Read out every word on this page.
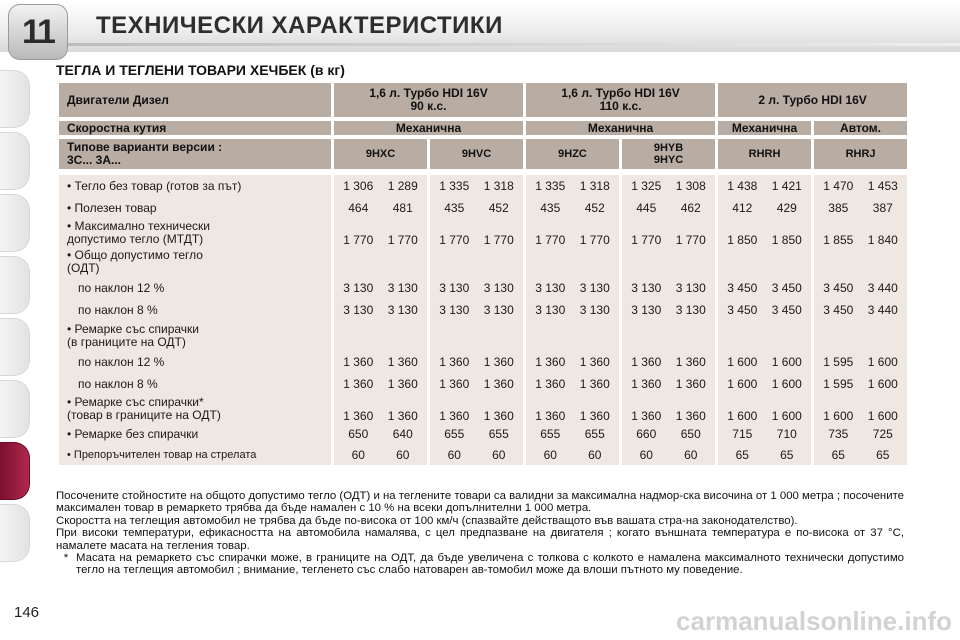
11	ТЕХНИЧЕСКИ ХАРАКТЕРИСТИКИ
ТЕГЛА И ТЕГЛЕНИ ТОВАРИ ХЕЧБЕК (в кг)
Двигатели Дизел	1,6 л. Турбо HDI 16V
90 к.с.		1,6 л. Турбо HDI 16V
110 к.с.		2 л. Турбо HDI 16V	
Скоростна кутия	Механична		Механична		Механична	Автом.
Типове варианти версии :
3C... 3A...	9HXC	9HVC	9HZC	9HYB
9HYC	RHRH	RHRJ

• Тегло без товар (готов за път)	1 306 1 289	1 335 1 318	1 335 1 318	1 325 1 308	1 438 1 421	1 470 1 453

• Полезен товар	464 481	435 452	435 452	445 462	412 429	385 387

• Максимално технически
допустимо тегло (МТДТ)	1 770 1 770	1 770 1 770	1 770 1 770	1 770 1 770	1 850 1 850	1 855 1 840

• Общо допустимо тегло
(ОДТ)						
по наклон 12 %	3 130 3 130	3 130 3 130	3 130 3 130	3 130 3 130	3 450 3 450	3 450 3 440

по наклон 8 %	3 130 3 130	3 130 3 130	3 130 3 130	3 130 3 130	3 450 3 450	3 450 3 440

• Ремарке със спирачки
(в границите на ОДТ)						
по наклон 12 %	1 360 1 360	1 360 1 360	1 360 1 360	1 360 1 360	1 600 1 600	1 595 1 600

по наклон 8 %	1 360 1 360	1 360 1 360	1 360 1 360	1 360 1 360	1 600 1 600	1 595 1 600

• Ремарке със спирачки*
(товар в границите на ОДТ)	1 360 1 360	1 360 1 360	1 360 1 360	1 360 1 360	1 600 1 600	1 600 1 600

• Ремарке без спирачки	650 640	655 655	655 655	660 650	715 710	735 725

• Препоръчителен товар на стрелата	60 60	60 60	60 60	60 60	65 65	65 65

Посочените стойностите на общото допустимо тегло (ОДТ) и на теглените товари са валидни за максимална надмор-ска височина от 1 000 метра ; посочените максимален товар в ремаркето трябва да бъде намален с 10 % на всеки допълнителни 1 000 метра.

Скоростта на теглещия автомобил не трябва да бъде по-висока от 100 км/ч (спазвайте действащото във вашата стра-на законодателство).

При високи температури, ефикасността на автомобила намалява, с цел предпазване на двигателя ; когато външната температура е по-висока от 37 °C, намалете масата на тегления товар.

* Масата на ремаркето със спирачки може, в границите на ОДТ, да бъде увеличена с толкова с колкото е намалена максималното технически допустимо тегло на теглещия автомобил ; внимание, тегленето със слабо натоварен ав-томобил може да влоши пътното му поведение.
146	carmanualsonline.info
